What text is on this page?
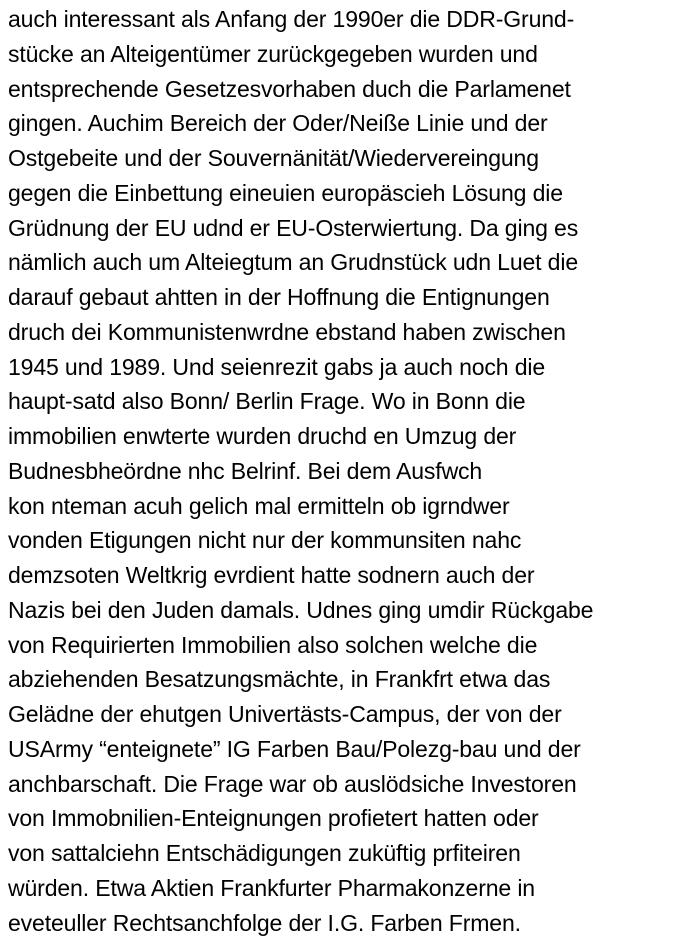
auch interessant als Anfang der 1990er die DDR-Grund-
stücke an Alteigentümer zurückgegeben wurden und
entsprechende Gesetzesvorhaben duch die Parlamenet
gingen. Auchim Bereich der Oder/Neiße Linie und der
Ostgebeite und der Souvernänität/Wiedervereingung
gegen die Einbettung eineuien europäscieh Lösung die
Grüdnung der EU udnd er EU-Osterwiertung. Da ging es
nämlich auch um Alteiegtum an Grudnstück udn Luet die
darauf gebaut ahtten in der Hoffnung die Entignungen
druch dei Kommunistenwrdne ebstand haben zwischen
1945 und 1989. Und seienrezit gabs ja auch noch die
haupt-satd also Bonn/ Berlin Frage. Wo in Bonn die
immobilien enwterte wurden druchd en Umzug der
Budnesbheördne nhc Belrinf. Bei dem Ausfwch
kon nteman acuh gelich mal ermitteln ob igrndwer
vonden Etigungen nicht nur der kommunsiten nahc
demzsoten Weltkrig evrdient hatte sodnern auch der
Nazis bei den Juden damals. Udnes ging umdir Rückgabe
von Requirierten Immobilien also solchen welche die
abziehenden Besatzungsmächte, in Frankfrt etwa das
Gelädne der ehutgen Univertästs-Campus, der von der
USArmy “enteignete” IG Farben Bau/Polezg-bau und der
anchbarschaft. Die Frage war ob auslödsiche Investoren
von Immobnilien-Enteignungen profietert hatten oder
von sattalciehn Entschädigungen zuküftig prfiteiren
würden. Etwa Aktien Frankfurter Pharmakonzerne in
eveteuller Rechtsanchfolge der I.G. Farben Frmen.
